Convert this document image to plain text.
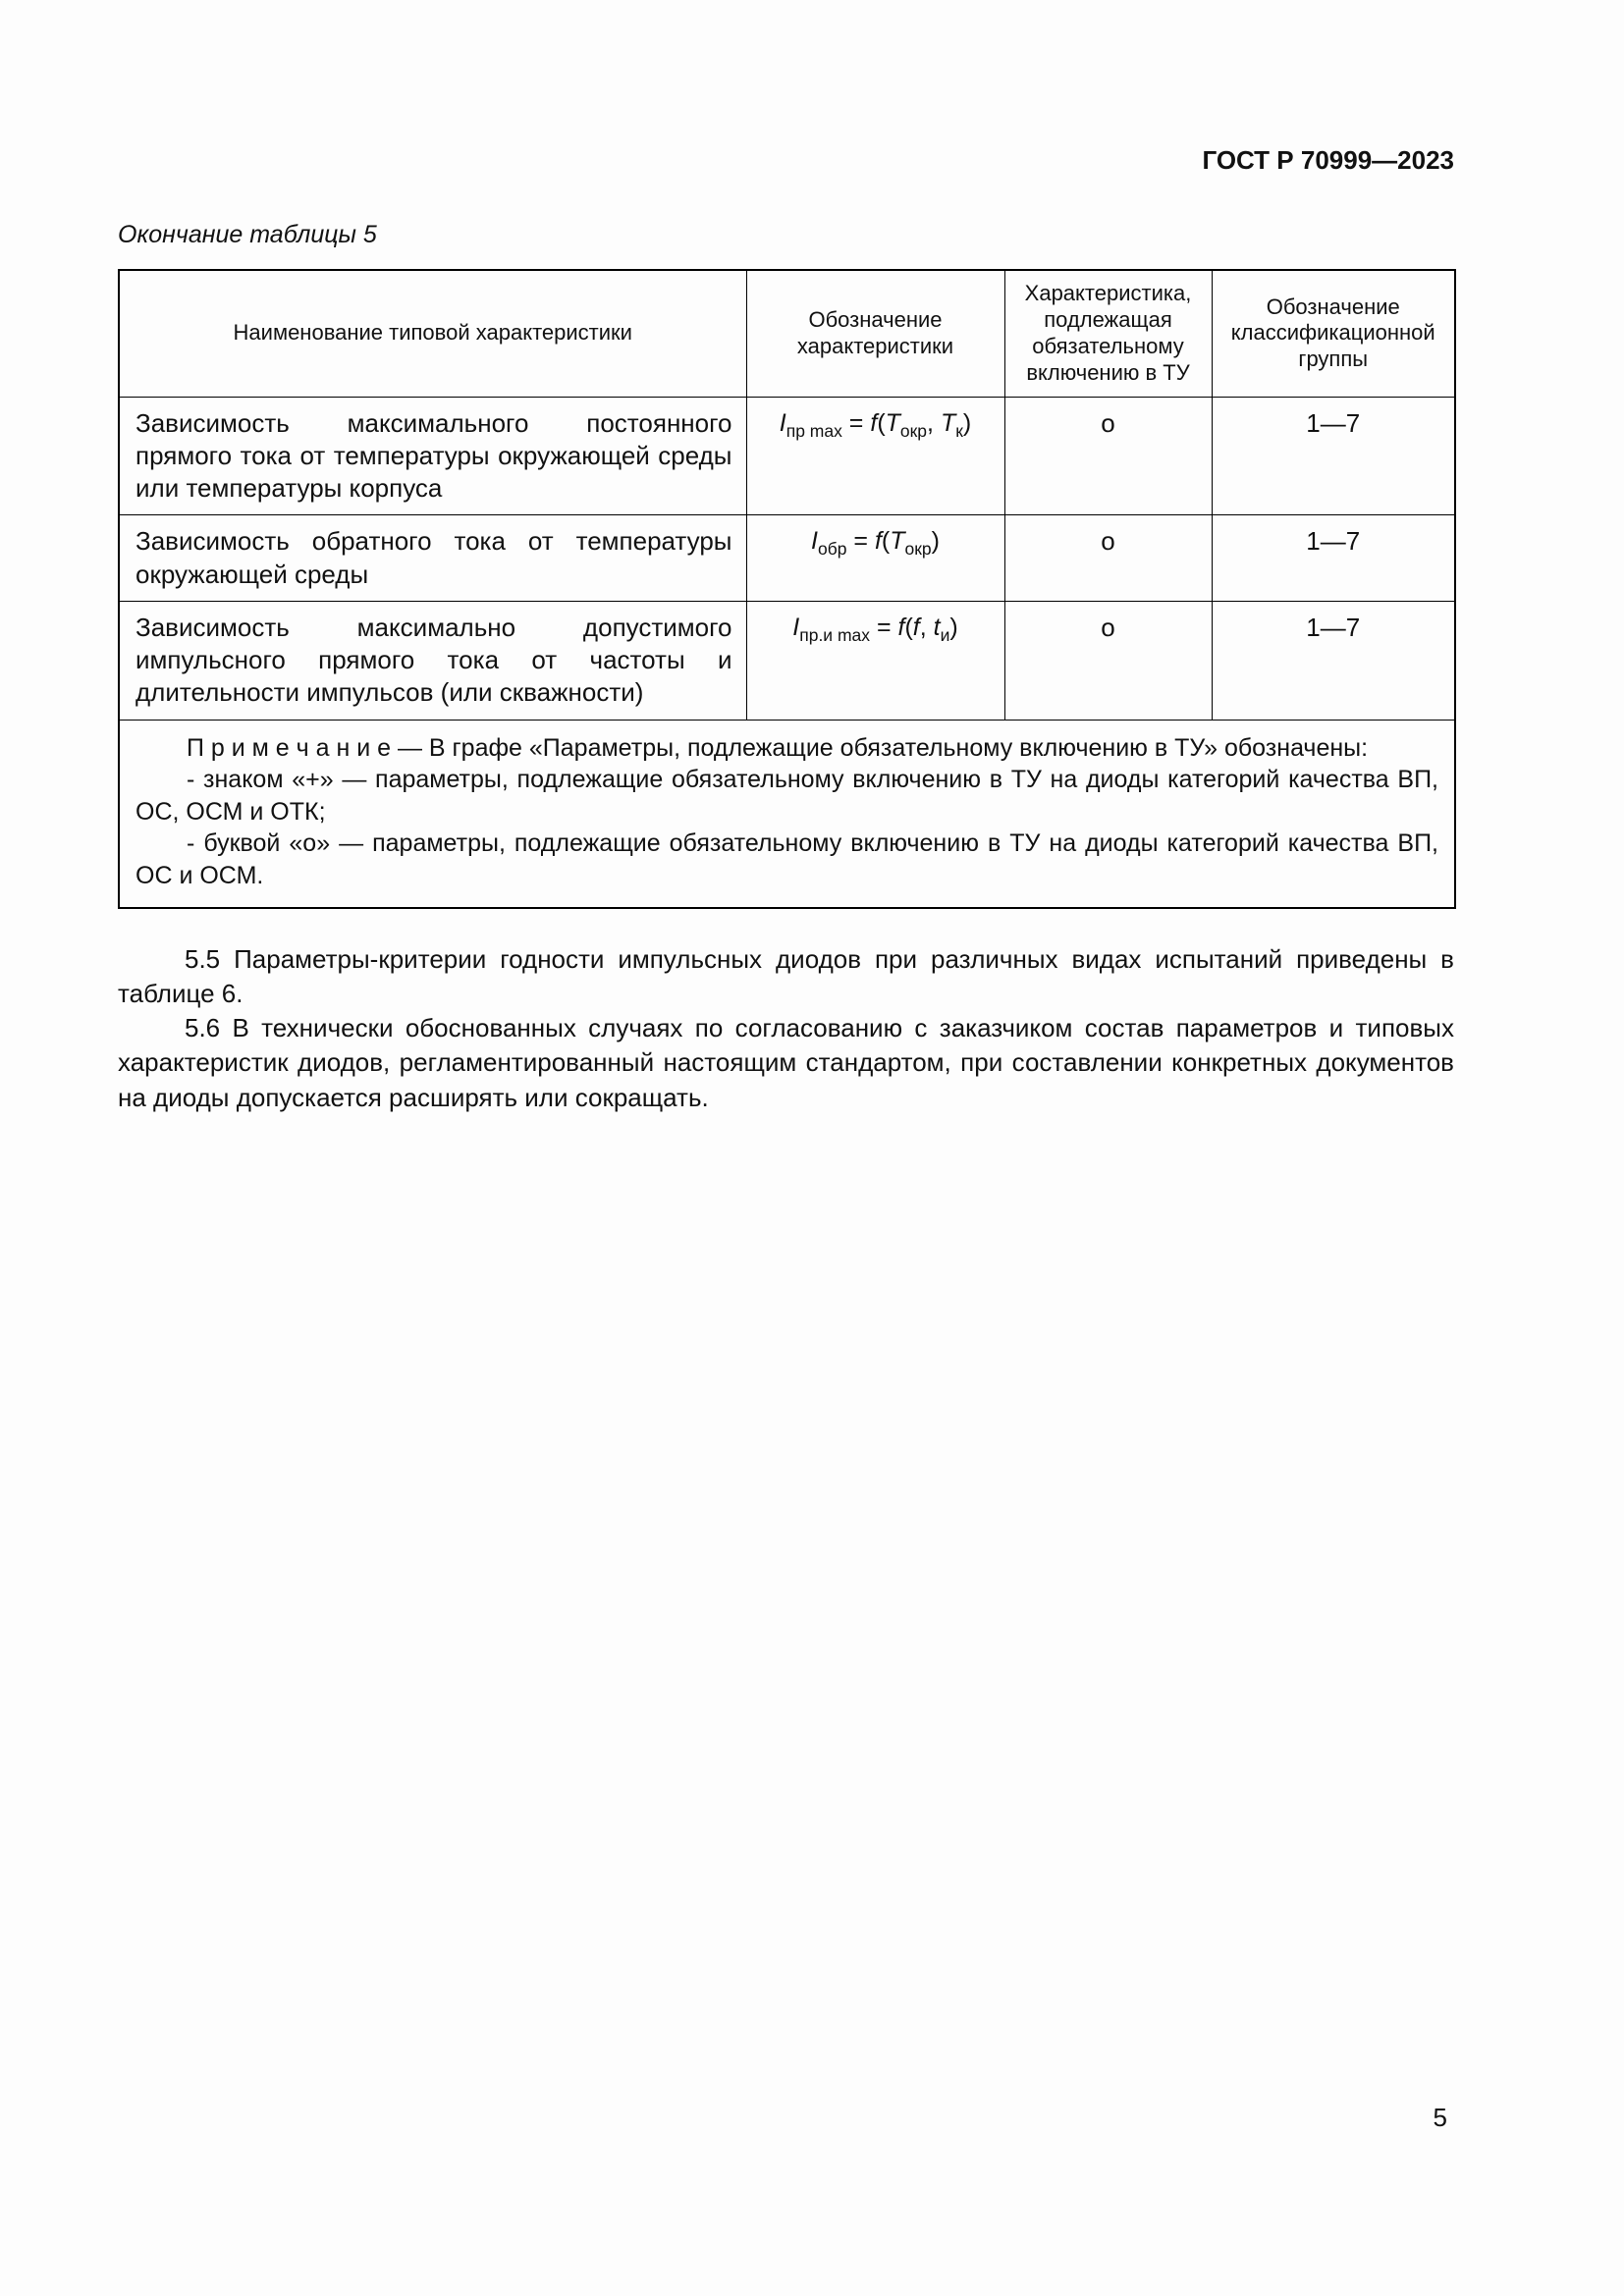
ГОСТ Р 70999—2023
Окончание таблицы 5
Наименование типовой характеристики	Обозначение характеристики	Характеристика, подлежащая обязательному включению в ТУ	Обозначение классификационной группы
Зависимость максимального постоянного прямого тока от температуры окружающей среды или температуры корпуса	$I_{пр max} = f(T_{окр}$, $T_к$)	о	1—7
Зависимость обратного тока от температуры окружающей среды	$I_{обр} = f(T_{окр})$	о	1—7
Зависимость максимально допустимого импульсного прямого тока от частоты и длительности импульсов (или скважности)	$I_{пр.и max} = f(f$, $t_и$)	о	1—7

П р и м е ч а н и е — В графе «Параметры, подлежащие обязательному включению в ТУ» обозначены:

- знаком «+» — параметры, подлежащие обязательному включению в ТУ на диоды категорий качества ВП, ОС, ОСМ и ОТК;

- буквой «о» — параметры, подлежащие обязательному включению в ТУ на диоды категорий качества ВП, ОС и ОСМ.			

5.5 Параметры-критерии годности импульсных диодов при различных видах испытаний приведены в таблице 6.

5.6 В технически обоснованных случаях по согласованию с заказчиком состав параметров и типовых характеристик диодов, регламентированный настоящим стандартом, при составлении конкретных документов на диоды допускается расширять или сокращать.

5
